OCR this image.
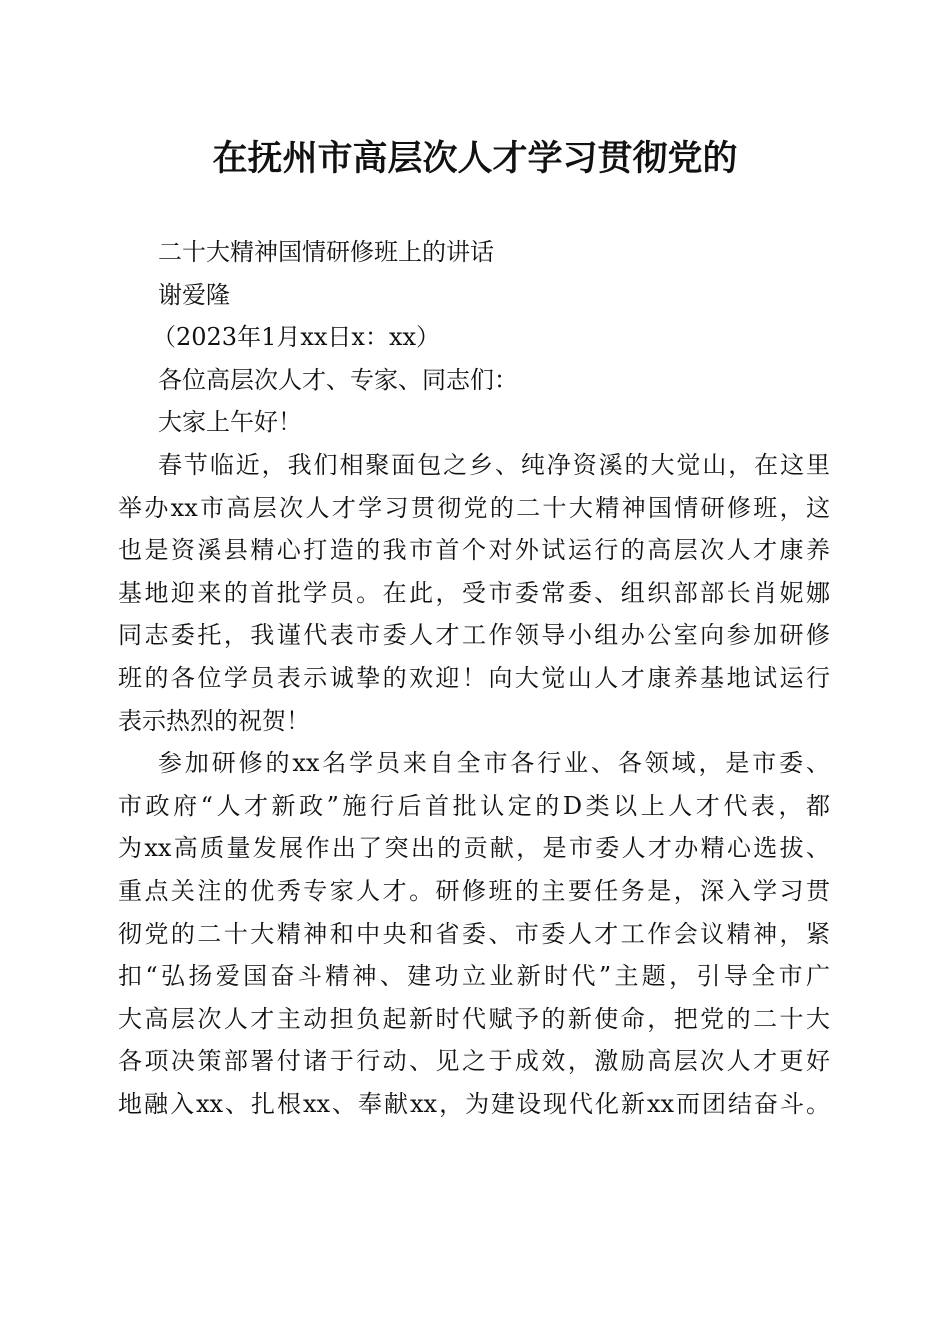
在抚州市高层次人才学习贯彻党的

二十大精神国情研修班上的讲话

谢爱隆

（2023年1月xx日x：xx）

各位高层次人才、专家、同志们：

大家上午好！

春节临近，我们相聚面包之乡、纯净资溪的大觉山，在这里

举办xx市高层次人才学习贯彻党的二十大精神国情研修班，这

也是资溪县精心打造的我市首个对外试运行的高层次人才康养

基地迎来的首批学员。在此，受市委常委、组织部部长肖妮娜

同志委托，我谨代表市委人才工作领导小组办公室向参加研修

班的各位学员表示诚挚的欢迎！向大觉山人才康养基地试运行

表示热烈的祝贺！

参加研修的xx名学员来自全市各行业、各领域，是市委、

市政府“人才新政”施行后首批认定的D类以上人才代表，都

为xx高质量发展作出了突出的贡献，是市委人才办精心选拔、

重点关注的优秀专家人才。研修班的主要任务是，深入学习贯

彻党的二十大精神和中央和省委、市委人才工作会议精神，紧

扣“弘扬爱国奋斗精神、建功立业新时代”主题，引导全市广

大高层次人才主动担负起新时代赋予的新使命，把党的二十大

各项决策部署付诸于行动、见之于成效，激励高层次人才更好

地融入xx、扎根xx、奉献xx，为建设现代化新xx而团结奋斗。
